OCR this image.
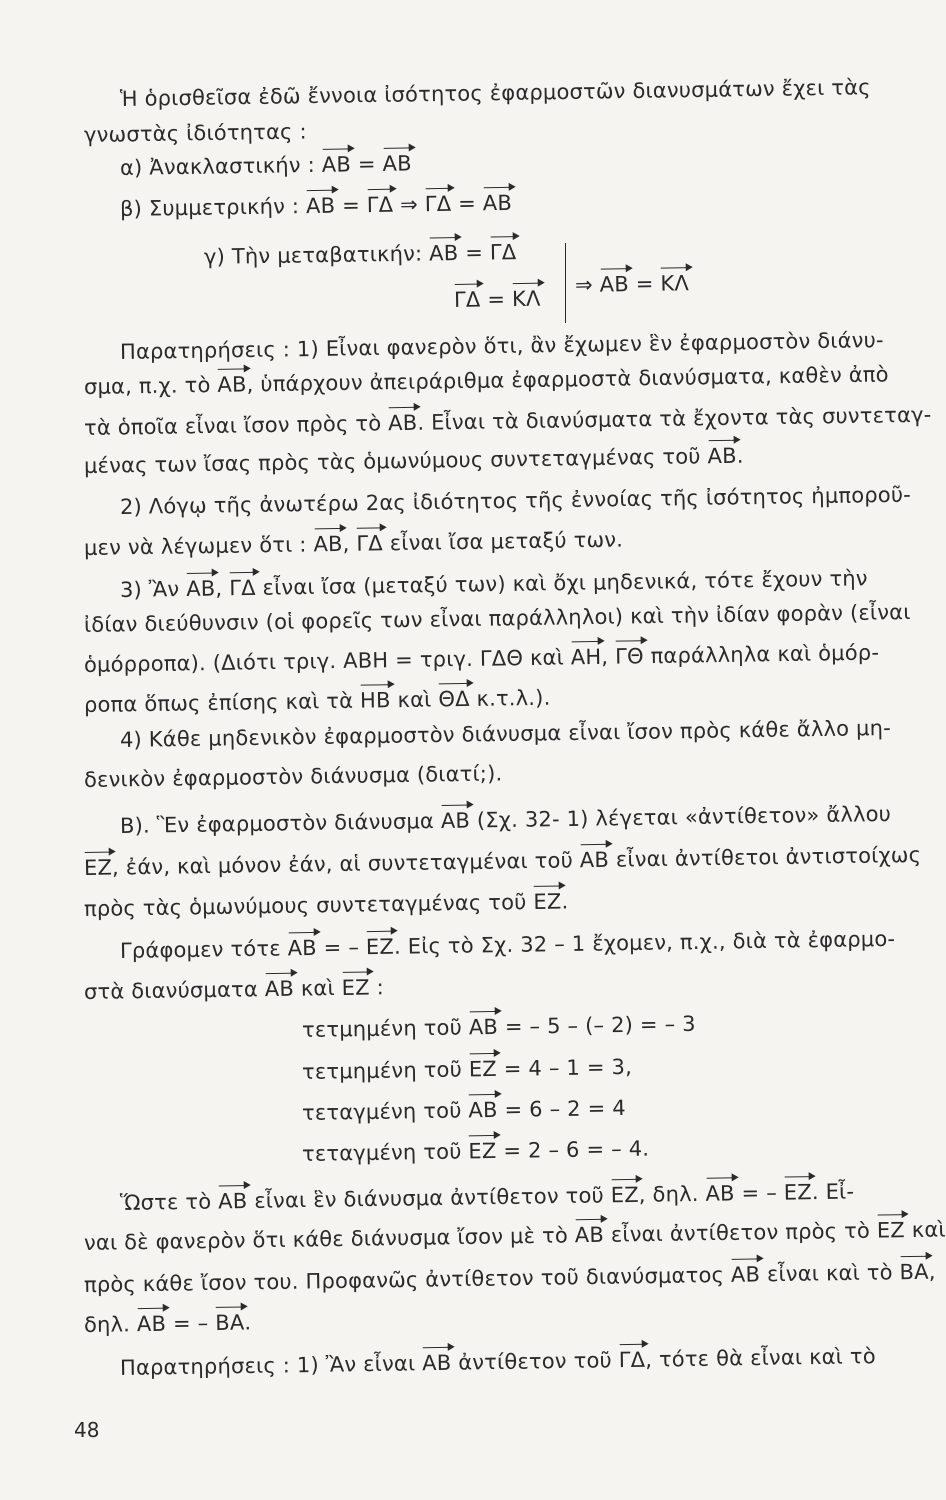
Ἡ ὁρισθεῖσα ἐδῶ ἔννοια ἰσότητος ἐφαρμοστῶν διανυσμάτων ἔχει τὰς
γνωστὰς ἰδιότητας :
α) Ἀνακλαστικήν : AB = AB
β) Συμμετρικήν : AB = ΓΔ ⇒ ΓΔ = AB
γ) Τὴν μεταβατικήν: AB = ΓΔ
⇒ AB = KΛ
ΓΔ = KΛ
Παρατηρήσεις : 1) Εἶναι φανερὸν ὅτι, ἂν ἔχωμεν ἓν ἐφαρμοστὸν διάνυ-
σμα, π.χ. τὸ AB, ὑπάρχουν ἀπειράριθμα ἐφαρμοστὰ διανύσματα, καθὲν ἀπὸ
τὰ ὁποῖα εἶναι ἴσον πρὸς τὸ AB. Εἶναι τὰ διανύσματα τὰ ἔχοντα τὰς συντεταγ-
μένας των ἴσας πρὸς τὰς ὁμωνύμους συντεταγμένας τοῦ AB.
2) Λόγῳ τῆς ἀνωτέρω 2ας ἰδιότητος τῆς ἐννοίας τῆς ἰσότητος ἠμποροῦ-
μεν νὰ λέγωμεν ὅτι : AB, ΓΔ εἶναι ἴσα μεταξύ των.
3) Ἂν AB, ΓΔ εἶναι ἴσα (μεταξύ των) καὶ ὄχι μηδενικά, τότε ἔχουν τὴν
ἰδίαν διεύθυνσιν (οἱ φορεῖς των εἶναι παράλληλοι) καὶ τὴν ἰδίαν φορὰν (εἶναι
ὁμόρροπα). (Διότι τριγ. ΑΒΗ = τριγ. ΓΔΘ καὶ AH, ΓΘ παράλληλα καὶ ὁμόρ-
ροπα ὅπως ἐπίσης καὶ τὰ HB καὶ ΘΔ κ.τ.λ.).
4) Κάθε μηδενικὸν ἐφαρμοστὸν διάνυσμα εἶναι ἴσον πρὸς κάθε ἄλλο μη-
δενικὸν ἐφαρμοστὸν διάνυσμα (διατί;).
Β). Ἓν ἐφαρμοστὸν διάνυσμα AB (Σχ. 32- 1) λέγεται «ἀντίθετον» ἄλλου
EZ, ἐάν, καὶ μόνον ἐάν, αἱ συντεταγμέναι τοῦ AB εἶναι ἀντίθετοι ἀντιστοίχως
πρὸς τὰς ὁμωνύμους συντεταγμένας τοῦ EZ.
Γράφομεν τότε AB = – EZ. Εἰς τὸ Σχ. 32 – 1 ἔχομεν, π.χ., διὰ τὰ ἐφαρμο-
στὰ διανύσματα AB καὶ EZ :
τετμημένη τοῦ AB = – 5 – (– 2) = – 3
τετμημένη τοῦ EZ = 4 – 1 = 3,
τεταγμένη τοῦ AB = 6 – 2 = 4
τεταγμένη τοῦ EZ = 2 – 6 = – 4.
Ὥστε τὸ AB εἶναι ἓν διάνυσμα ἀντίθετον τοῦ EZ, δηλ. AB = – EZ. Εἶ-
ναι δὲ φανερὸν ὅτι κάθε διάνυσμα ἴσον μὲ τὸ AB εἶναι ἀντίθετον πρὸς τὸ EZ καὶ
πρὸς κάθε ἴσον του. Προφανῶς ἀντίθετον τοῦ διανύσματος AB εἶναι καὶ τὸ BA,
δηλ. AB = – BA.
Παρατηρήσεις : 1) Ἂν εἶναι AB ἀντίθετον τοῦ ΓΔ, τότε θὰ εἶναι καὶ τὸ
48
